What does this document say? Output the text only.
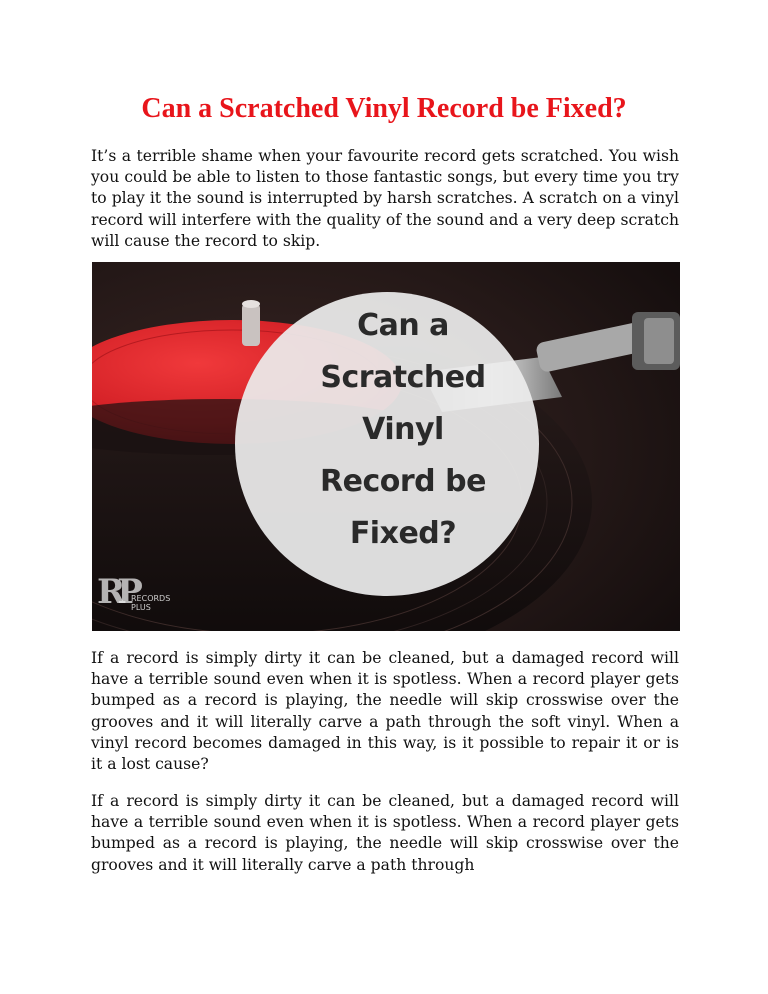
Can a Scratched Vinyl Record be Fixed?

It’s a terrible shame when your favourite record gets scratched. You wish you could be able to listen to those fantastic songs, but every time you try to play it the sound is interrupted by harsh scratches. A scratch on a vinyl record will interfere with the quality of the sound and a very deep scratch will cause the record to skip.

Can a
Scratched
Vinyl
Record be
Fixed?
RP
RECORDS
PLUS

If a record is simply dirty it can be cleaned, but a damaged record will have a terrible sound even when it is spotless. When a record player gets bumped as a record is playing, the needle will skip crosswise over the grooves and it will literally carve a path through the soft vinyl. When a vinyl record becomes damaged in this way, is it possible to repair it or is it a lost cause?

If a record is simply dirty it can be cleaned, but a damaged record will have a terrible sound even when it is spotless. When a record player gets bumped as a record is playing, the needle will skip crosswise over the grooves and it will literally carve a path through
